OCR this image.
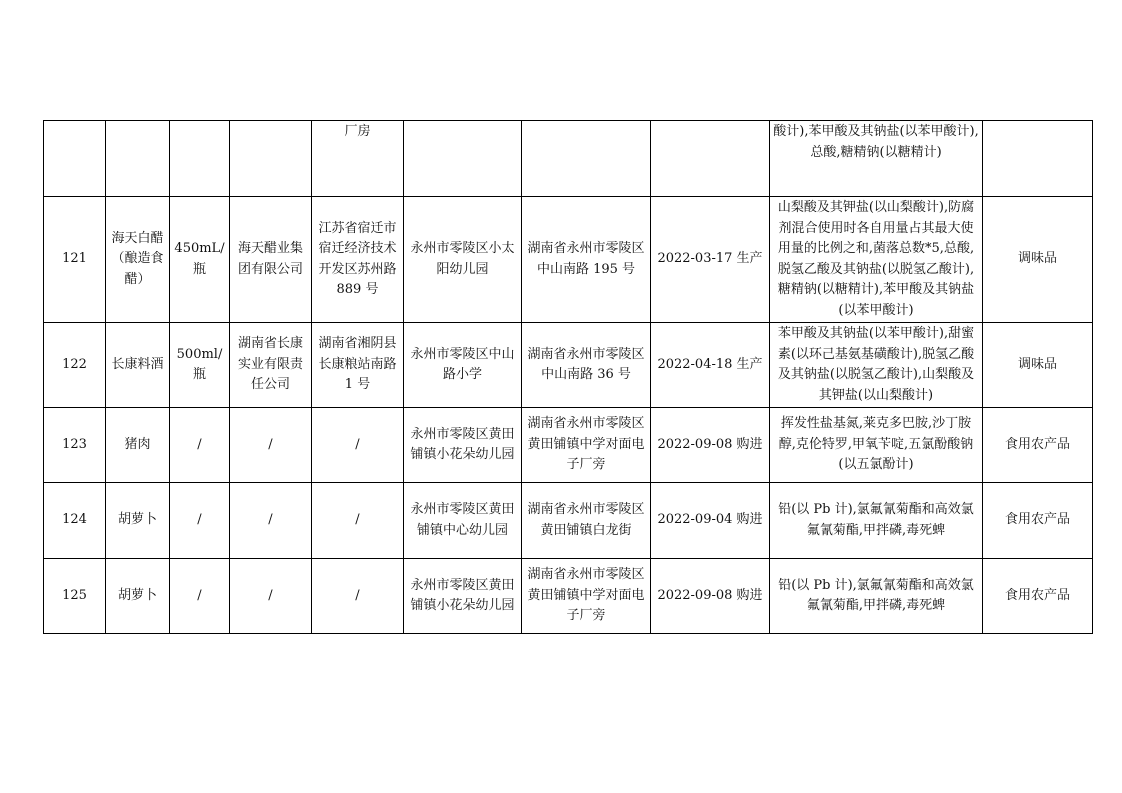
				厂房				酸计),苯甲酸及其钠盐(以苯甲酸计),总酸,糖精钠(以糖精计)	
121	海天白醋（酿造食醋）	450mL/瓶	海天醋业集团有限公司	江苏省宿迁市宿迁经济技术开发区苏州路 889 号	永州市零陵区小太阳幼儿园	湖南省永州市零陵区中山南路 195 号	2022-03-17 生产	山梨酸及其钾盐(以山梨酸计),防腐剂混合使用时各自用量占其最大使用量的比例之和,菌落总数*5,总酸,脱氢乙酸及其钠盐(以脱氢乙酸计),糖精钠(以糖精计),苯甲酸及其钠盐(以苯甲酸计)	调味品
122	长康料酒	500ml/瓶	湖南省长康实业有限责任公司	湖南省湘阴县长康粮站南路 1 号	永州市零陵区中山路小学	湖南省永州市零陵区中山南路 36 号	2022-04-18 生产	苯甲酸及其钠盐(以苯甲酸计),甜蜜素(以环己基氨基磺酸计),脱氢乙酸及其钠盐(以脱氢乙酸计),山梨酸及其钾盐(以山梨酸计)	调味品
123	猪肉	/	/	/	永州市零陵区黄田铺镇小花朵幼儿园	湖南省永州市零陵区黄田铺镇中学对面电子厂旁	2022-09-08 购进	挥发性盐基氮,莱克多巴胺,沙丁胺醇,克伦特罗,甲氧苄啶,五氯酚酸钠(以五氯酚计)	食用农产品
124	胡萝卜	/	/	/	永州市零陵区黄田铺镇中心幼儿园	湖南省永州市零陵区黄田铺镇白龙街	2022-09-04 购进	铅(以 Pb 计),氯氟氰菊酯和高效氯氟氰菊酯,甲拌磷,毒死蜱	食用农产品
125	胡萝卜	/	/	/	永州市零陵区黄田铺镇小花朵幼儿园	湖南省永州市零陵区黄田铺镇中学对面电子厂旁	2022-09-08 购进	铅(以 Pb 计),氯氟氰菊酯和高效氯氟氰菊酯,甲拌磷,毒死蜱	食用农产品
